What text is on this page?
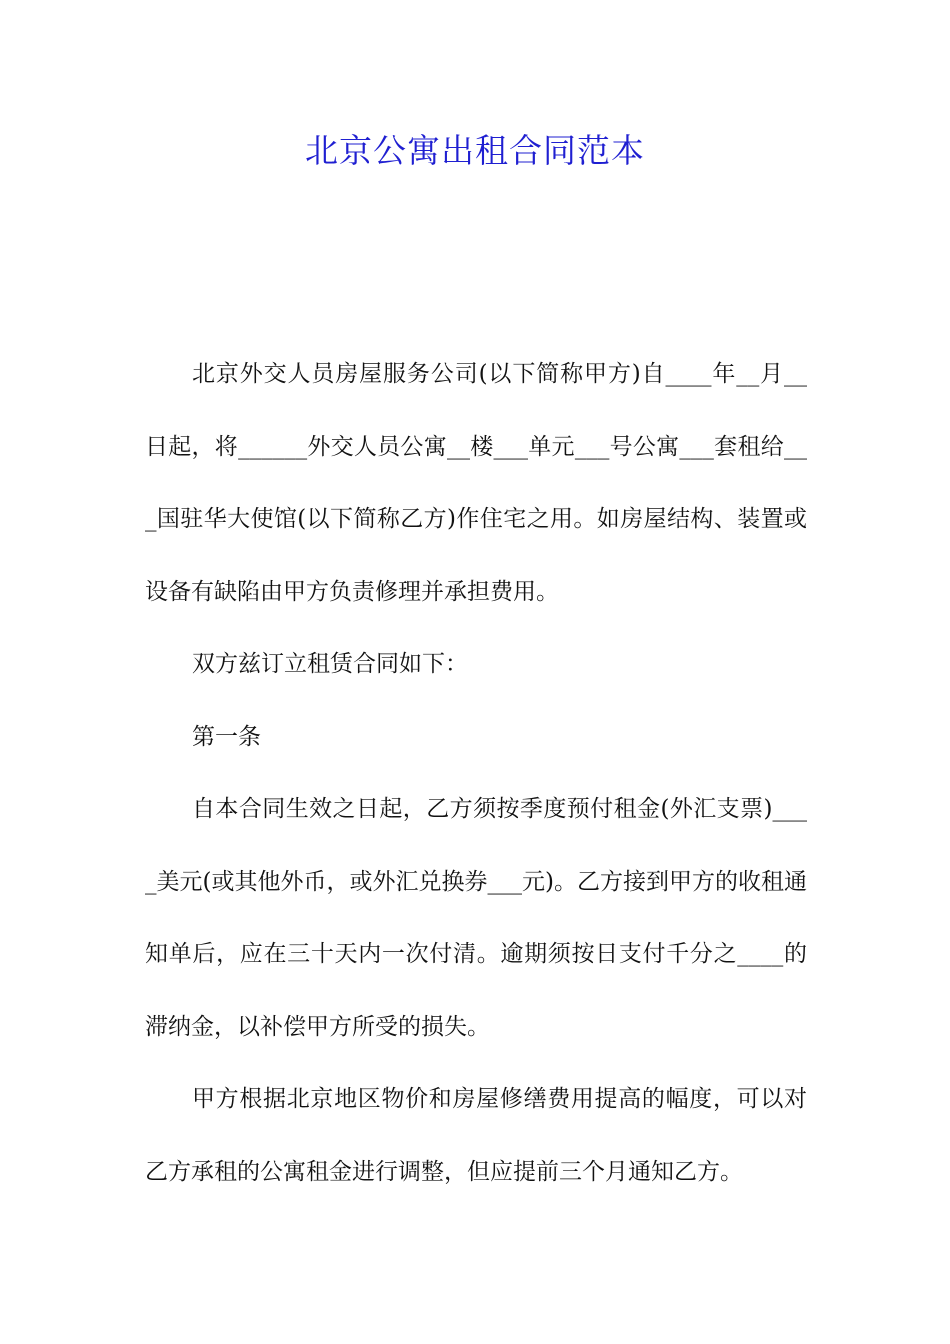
北京公寓出租合同范本

北京外交人员房屋服务公司(以下简称甲方)自____年__月__日起，将______外交人员公寓__楼___单元___号公寓___套租给___国驻华大使馆(以下简称乙方)作住宅之用。如房屋结构、装置或设备有缺陷由甲方负责修理并承担费用。

双方兹订立租赁合同如下：

第一条

自本合同生效之日起，乙方须按季度预付租金(外汇支票)____美元(或其他外币，或外汇兑换券___元)。乙方接到甲方的收租通知单后，应在三十天内一次付清。逾期须按日支付千分之____的滞纳金，以补偿甲方所受的损失。

甲方根据北京地区物价和房屋修缮费用提高的幅度，可以对乙方承租的公寓租金进行调整，但应提前三个月通知乙方。
